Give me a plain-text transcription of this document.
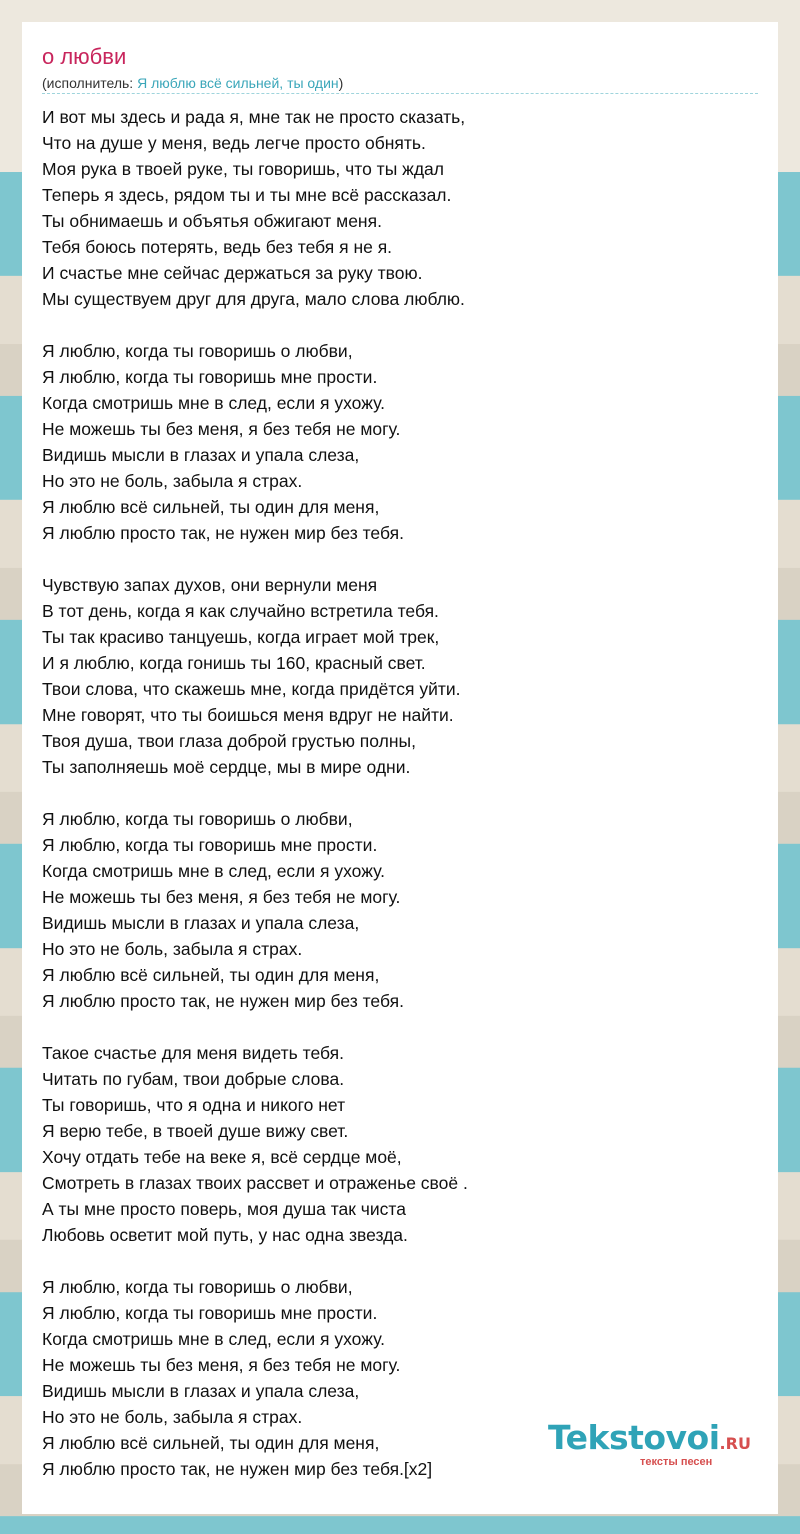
о любви
(исполнитель: Я люблю всё сильней, ты один)
И вот мы здесь и рада я, мне так не просто сказать,
Что на душе у меня, ведь легче просто обнять.
Моя рука в твоей руке, ты говоришь, что ты ждал
Теперь я здесь, рядом ты и ты мне всё рассказал.
Ты обнимаешь и объятья обжигают меня.
Тебя боюсь потерять, ведь без тебя я не я.
И счастье мне сейчас держаться за руку твою.
Мы существуем друг для друга, мало слова люблю.
Я люблю, когда ты говоришь о любви,
Я люблю, когда ты говоришь мне прости.
Когда смотришь мне в след, если я ухожу.
Не можешь ты без меня, я без тебя не могу.
Видишь мысли в глазах и упала слеза,
Но это не боль, забыла я страх.
Я люблю всё сильней, ты один для меня,
Я люблю просто так, не нужен мир без тебя.
Чувствую запах духов, они вернули меня
В тот день, когда я как случайно встретила тебя.
Ты так красиво танцуешь, когда играет мой трек,
И я люблю, когда гонишь ты 160, красный свет.
Твои слова, что скажешь мне, когда придётся уйти.
Мне говорят, что ты боишься меня вдруг не найти.
Твоя душа, твои глаза доброй грустью полны,
Ты заполняешь моё сердце, мы в мире одни.
Я люблю, когда ты говоришь о любви,
Я люблю, когда ты говоришь мне прости.
Когда смотришь мне в след, если я ухожу.
Не можешь ты без меня, я без тебя не могу.
Видишь мысли в глазах и упала слеза,
Но это не боль, забыла я страх.
Я люблю всё сильней, ты один для меня,
Я люблю просто так, не нужен мир без тебя.
Такое счастье для меня видеть тебя.
Читать по губам, твои добрые слова.
Ты говоришь, что я одна и никого нет
Я верю тебе, в твоей душе вижу свет.
Хочу отдать тебе на веке я, всё сердце моё,
Смотреть в глазах твоих рассвет и отраженье своё .
А ты мне просто поверь, моя душа так чиста
Любовь осветит мой путь, у нас одна звезда.
Я люблю, когда ты говоришь о любви,
Я люблю, когда ты говоришь мне прости.
Когда смотришь мне в след, если я ухожу.
Не можешь ты без меня, я без тебя не могу.
Видишь мысли в глазах и упала слеза,
Но это не боль, забыла я страх.
Я люблю всё сильней, ты один для меня,
Я люблю просто так, не нужен мир без тебя.[x2]
Tekstovoi.RU
тексты песен
